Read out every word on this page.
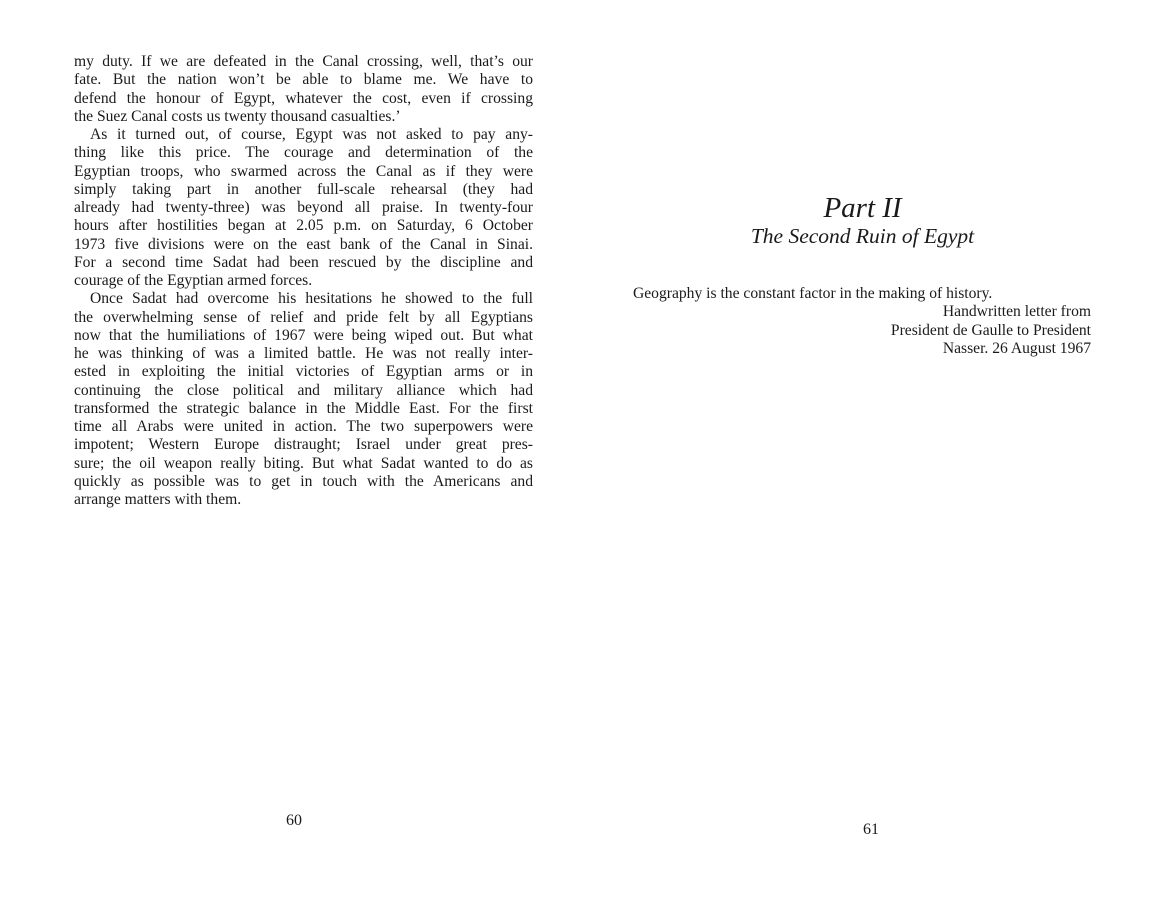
my duty. If we are defeated in the Canal crossing, well, that’s our

fate. But the nation won’t be able to blame me. We have to

defend the honour of Egypt, whatever the cost, even if crossing

the Suez Canal costs us twenty thousand casualties.’

As it turned out, of course, Egypt was not asked to pay any-

thing like this price. The courage and determination of the

Egyptian troops, who swarmed across the Canal as if they were

simply taking part in another full-scale rehearsal (they had

already had twenty-three) was beyond all praise. In twenty-four

hours after hostilities began at 2.05 p.m. on Saturday, 6 October

1973 five divisions were on the east bank of the Canal in Sinai.

For a second time Sadat had been rescued by the discipline and

courage of the Egyptian armed forces.

Once Sadat had overcome his hesitations he showed to the full

the overwhelming sense of relief and pride felt by all Egyptians

now that the humiliations of 1967 were being wiped out. But what

he was thinking of was a limited battle. He was not really inter-

ested in exploiting the initial victories of Egyptian arms or in

continuing the close political and military alliance which had

transformed the strategic balance in the Middle East. For the first

time all Arabs were united in action. The two superpowers were

impotent; Western Europe distraught; Israel under great pres-

sure; the oil weapon really biting. But what Sadat wanted to do as

quickly as possible was to get in touch with the Americans and

arrange matters with them.

60
Part II
The Second Ruin of Egypt

Geography is the constant factor in the making of history.

Handwritten letter from

President de Gaulle to President

Nasser. 26 August 1967

61
